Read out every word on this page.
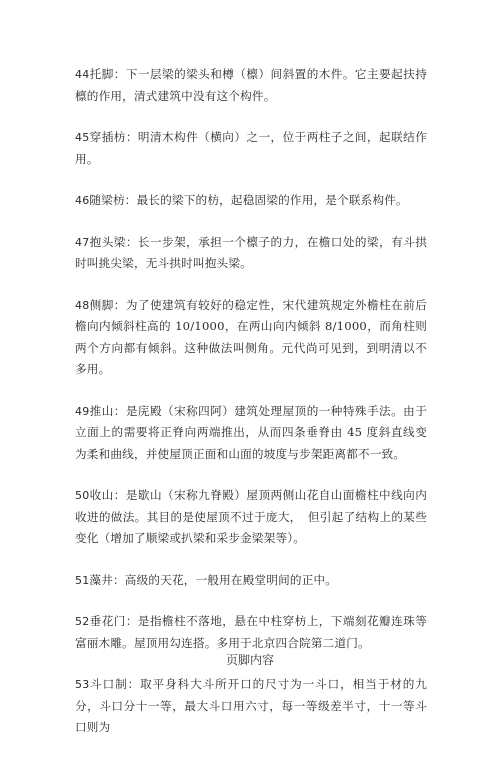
44托脚：下一层梁的梁头和樽（檩）间斜置的木件。它主要起扶持檩的作用，清式建筑中没有这个构件。

45穿插枋：明清木构件（横向）之一，位于两柱子之间，起联结作用。

46随梁枋：最长的梁下的枋，起稳固梁的作用，是个联系构件。

47抱头梁：长一步架，承担一个檩子的力，在檐口处的梁，有斗拱时叫挑尖梁，无斗拱时叫抱头梁。

48侧脚：为了使建筑有较好的稳定性，宋代建筑规定外檐柱在前后檐向内倾斜柱高的 10/1000，在两山向内倾斜 8/1000，而角柱则两个方向都有倾斜。这种做法叫侧角。元代尚可见到，到明清以不多用。

49推山：是庑殿（宋称四阿）建筑处理屋顶的一种特殊手法。由于立面上的需要将正脊向两端推出，从而四条垂脊由 45 度斜直线变为柔和曲线，并使屋顶正面和山面的坡度与步架距离都不一致。

50收山：是歇山（宋称九脊殿）屋顶两侧山花自山面檐柱中线向内收进的做法。其目的是使屋顶不过于庞大，　但引起了结构上的某些变化（增加了顺梁或扒梁和采步金梁架等）。

51藻井：高级的天花，一般用在殿堂明间的正中。

52垂花门：是指檐柱不落地，悬在中柱穿枋上，下端刻花瓣连珠等富丽木雕。屋顶用勾连搭。多用于北京四合院第二道门。

53斗口制：取平身科大斗所开口的尺寸为一斗口，相当于材的九分，斗口分十一等，最大斗口用六寸，每一等级差半寸，十一等斗口则为

页脚内容
